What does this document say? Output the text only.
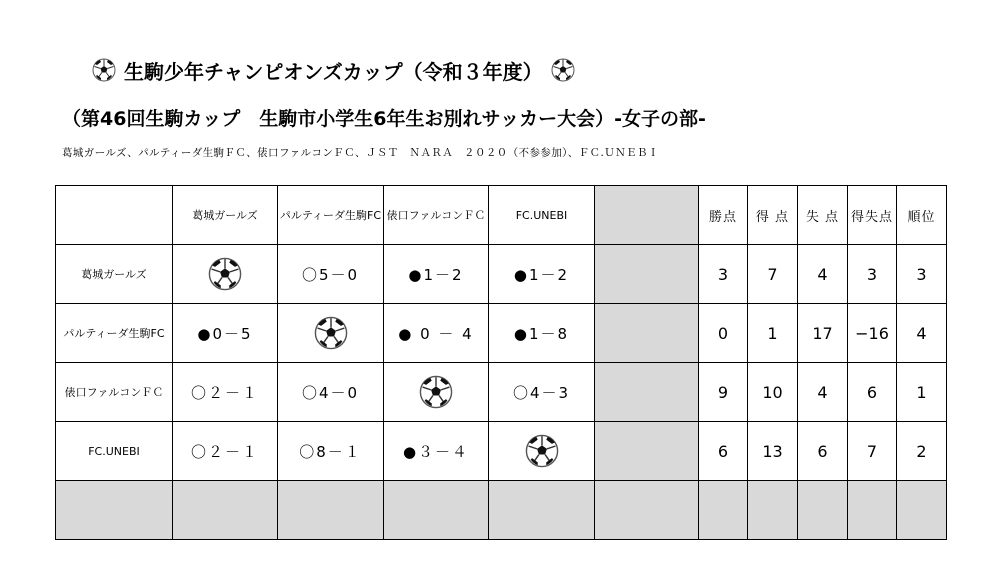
生駒少年チャンピオンズカップ（令和３年度）
（第46回生駒カップ　生駒市小学生6年生お別れサッカー大会）-女子の部-
葛城ガールズ、パルティーダ生駒ＦＣ、俵口ファルコンＦＣ、ＪＳＴ　ＮＡＲＡ　２０２０（不参参加）、ＦＣ.ＵＮＥＢＩ
	葛城ガールズ	パルティーダ生駒FC	俵口ファルコンＦＣ	FC.UNEBI		勝点	得 点	失 点	得失点	順位
葛城ガールズ		〇5－0	●1－2	●1－2		3	7	4	3	3
パルティーダ生駒FC	●0－5		● 0 － 4	●1－8		0	1	17	−16	4
俵口ファルコンＦＣ	〇２－１	〇4－0		〇4－3		9	10	4	6	1
FC.UNEBI	〇２－１	〇8－１	●３－４			6	13	6	7	2
